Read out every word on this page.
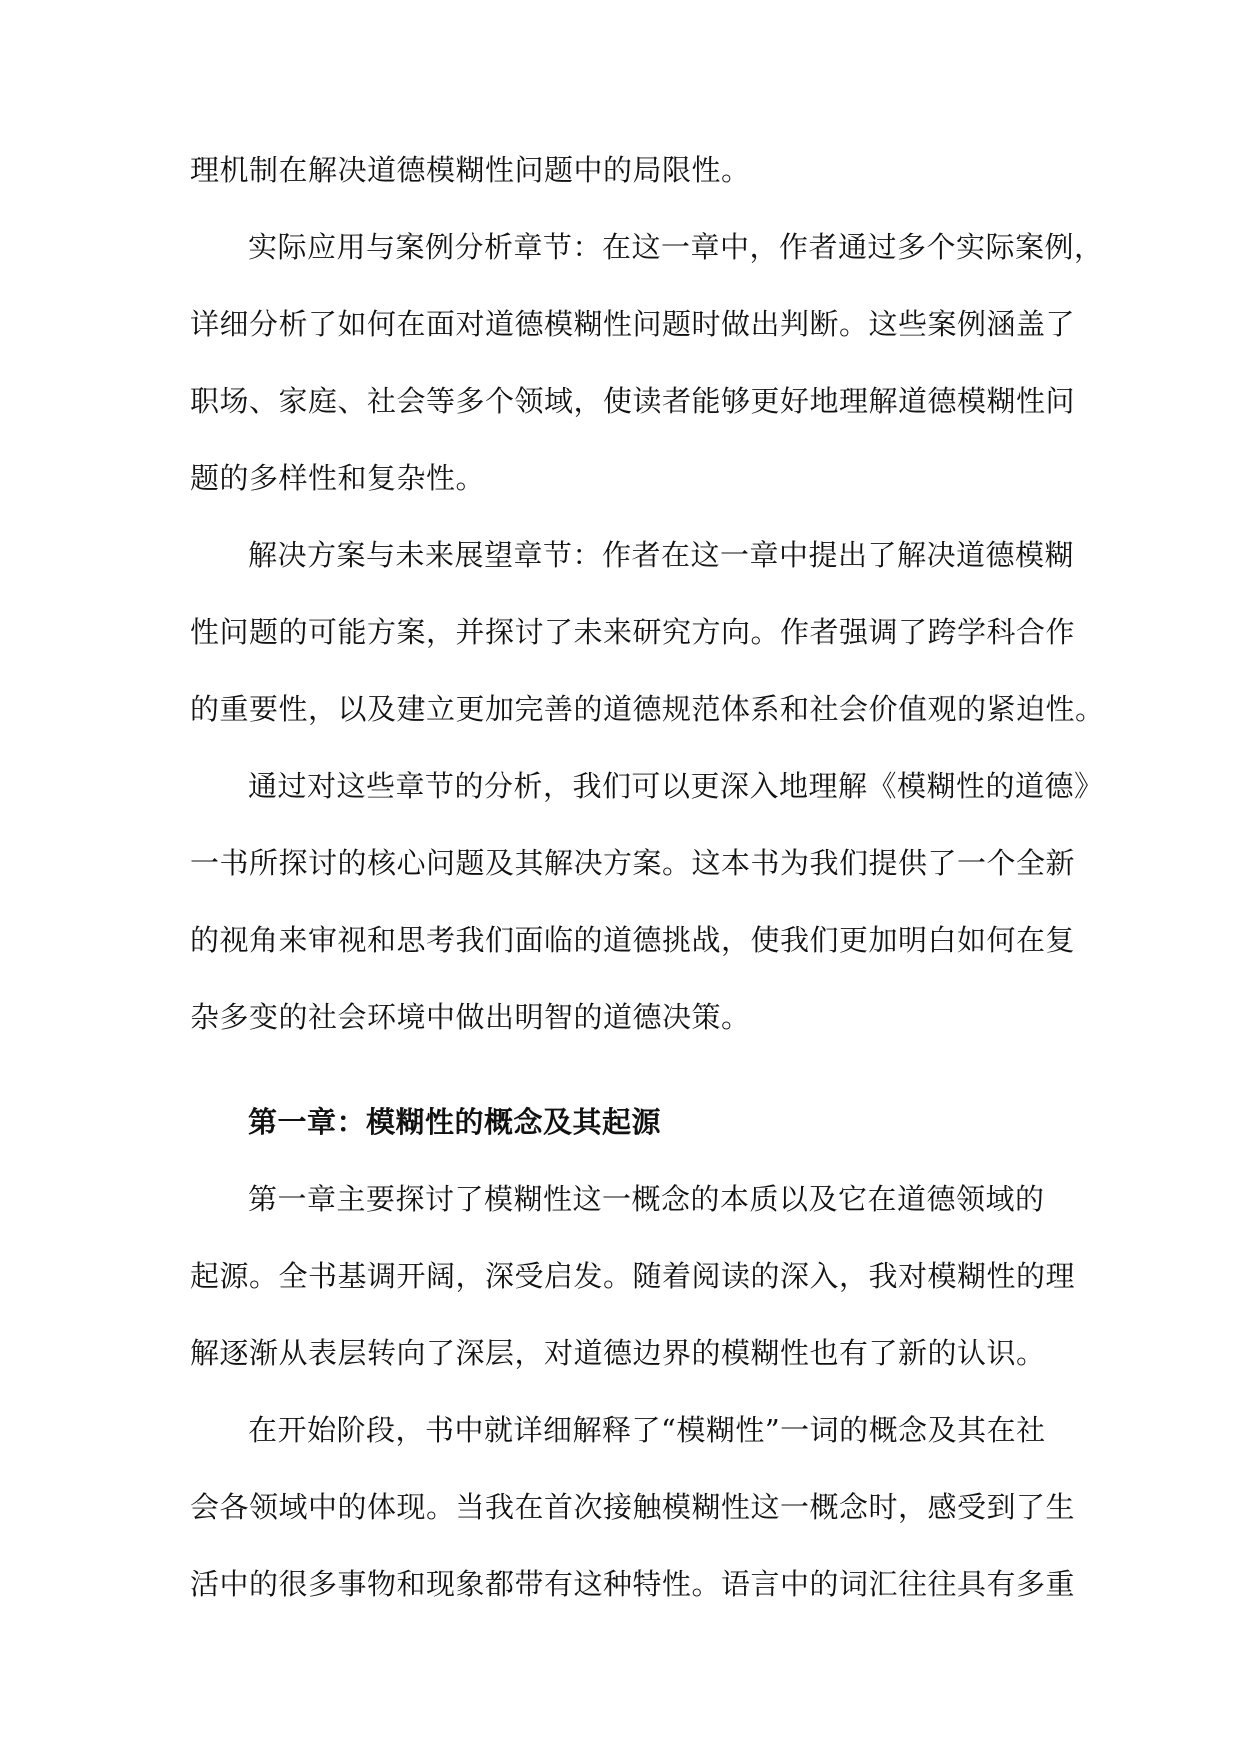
理机制在解决道德模糊性问题中的局限性。
实际应用与案例分析章节：在这一章中，作者通过多个实际案例，
详细分析了如何在面对道德模糊性问题时做出判断。这些案例涵盖了
职场、家庭、社会等多个领域，使读者能够更好地理解道德模糊性问
题的多样性和复杂性。
解决方案与未来展望章节：作者在这一章中提出了解决道德模糊
性问题的可能方案，并探讨了未来研究方向。作者强调了跨学科合作
的重要性，以及建立更加完善的道德规范体系和社会价值观的紧迫性。
通过对这些章节的分析，我们可以更深入地理解《模糊性的道德》
一书所探讨的核心问题及其解决方案。这本书为我们提供了一个全新
的视角来审视和思考我们面临的道德挑战，使我们更加明白如何在复
杂多变的社会环境中做出明智的道德决策。
第一章：模糊性的概念及其起源
第一章主要探讨了模糊性这一概念的本质以及它在道德领域的
起源。全书基调开阔，深受启发。随着阅读的深入，我对模糊性的理
解逐渐从表层转向了深层，对道德边界的模糊性也有了新的认识。
在开始阶段，书中就详细解释了“模糊性”一词的概念及其在社
会各领域中的体现。当我在首次接触模糊性这一概念时，感受到了生
活中的很多事物和现象都带有这种特性。语言中的词汇往往具有多重
